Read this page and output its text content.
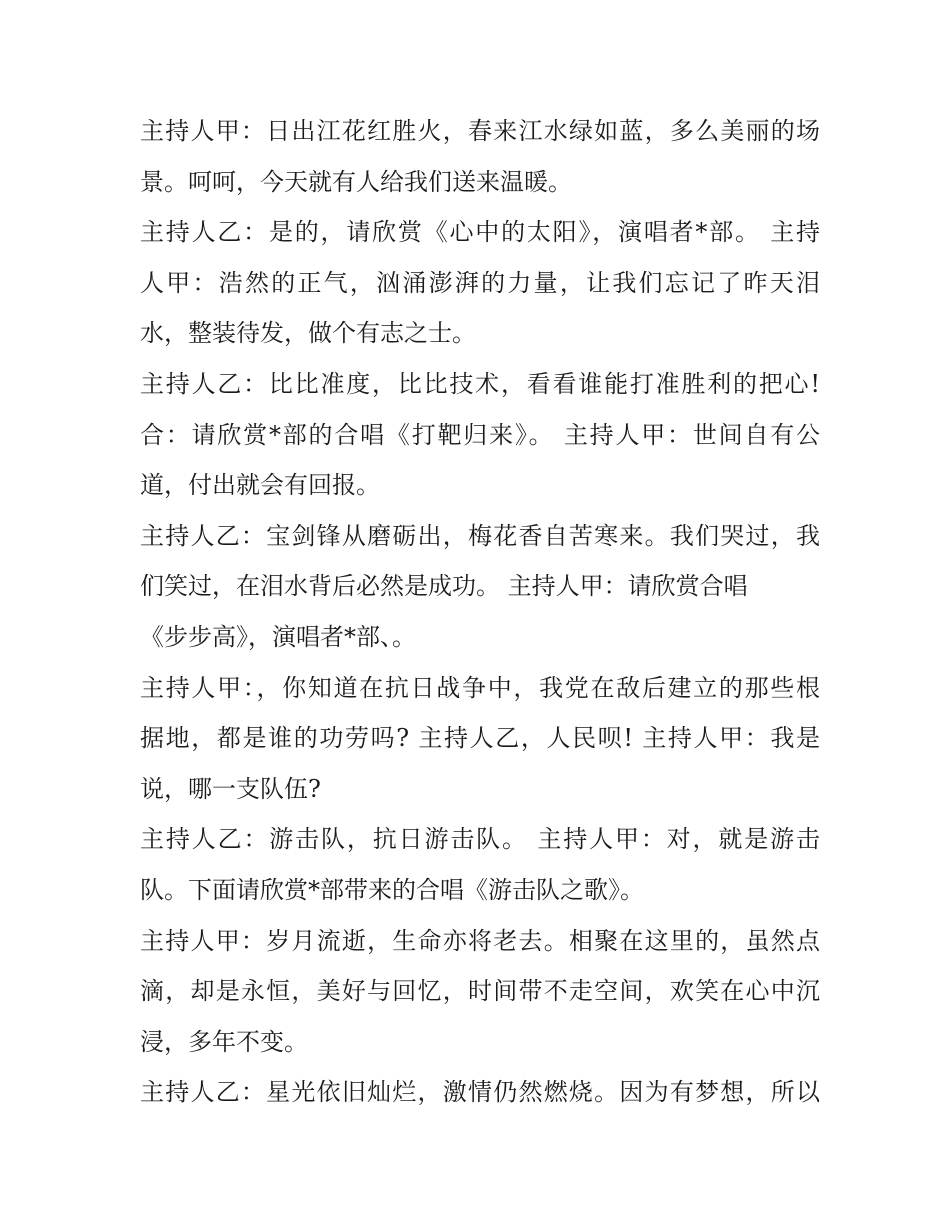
主持人甲：日出江花红胜火，春来江水绿如蓝，多么美丽的场
景。呵呵，今天就有人给我们送来温暖。
主持人乙：是的，请欣赏《心中的太阳》，演唱者*部。 主持
人甲：浩然的正气，汹涌澎湃的力量，让我们忘记了昨天泪
水，整装待发，做个有志之士。
主持人乙：比比准度，比比技术，看看谁能打准胜利的把心!
合：请欣赏*部的合唱《打靶归来》。 主持人甲：世间自有公
道，付出就会有回报。
主持人乙：宝剑锋从磨砺出，梅花香自苦寒来。我们哭过，我
们笑过，在泪水背后必然是成功。 主持人甲：请欣赏合唱
《步步高》，演唱者*部、。
主持人甲：，你知道在抗日战争中，我党在敌后建立的那些根
据地，都是谁的功劳吗? 主持人乙，人民呗! 主持人甲：我是
说，哪一支队伍?
主持人乙：游击队，抗日游击队。 主持人甲：对，就是游击
队。下面请欣赏*部带来的合唱《游击队之歌》。
主持人甲：岁月流逝，生命亦将老去。相聚在这里的，虽然点
滴，却是永恒，美好与回忆，时间带不走空间，欢笑在心中沉
浸，多年不变。
主持人乙：星光依旧灿烂，激情仍然燃烧。因为有梦想，所以
